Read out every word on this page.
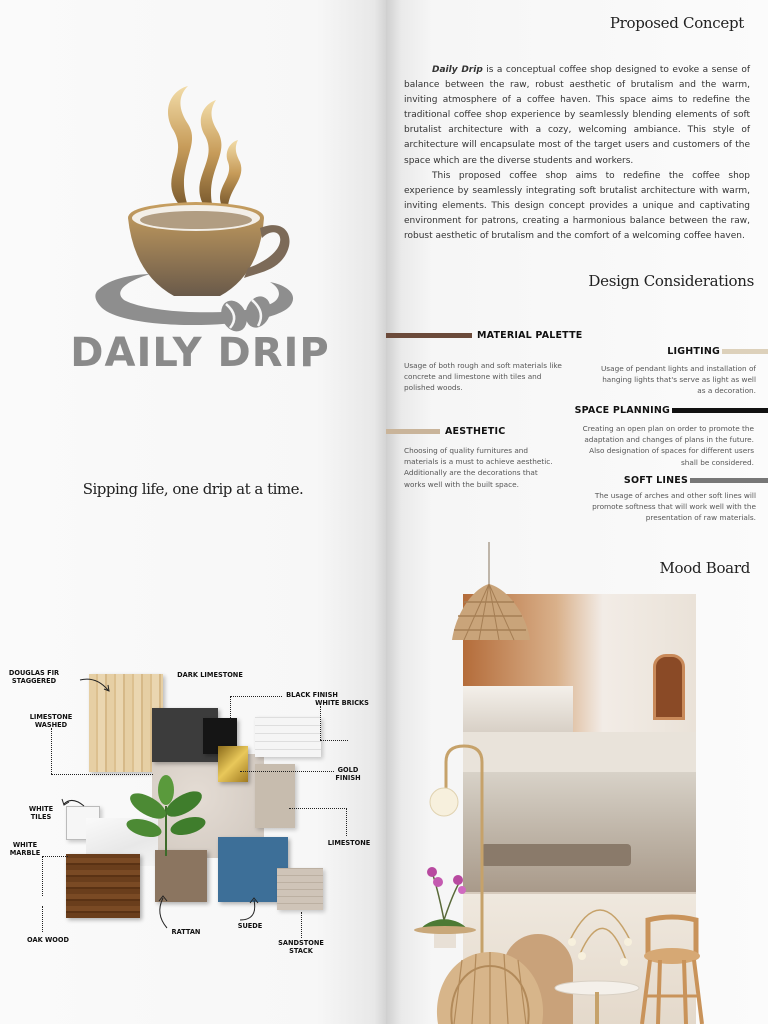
DAILY DRIP
Sipping life, one drip at a time.
DOUGLAS FIR STAGGERED
DARK LIMESTONE
BLACK FINISH
WHITE BRICKS
LIMESTONE WASHED
GOLD FINISH
WHITE TILES
WHITE MARBLE
LIMESTONE
OAK WOOD
RATTAN
SUEDE
SANDSTONE STACK
Proposed Concept

Daily Drip is a conceptual coffee shop designed to evoke a sense of balance between the raw, robust aesthetic of brutalism and the warm, inviting atmosphere of a coffee haven. This space aims to redefine the traditional coffee shop experience by seamlessly blending elements of soft brutalist architecture with a cozy, welcoming ambiance. This style of architecture will encapsulate most of the target users and customers of the space which are the diverse students and workers.

This proposed coffee shop aims to redefine the coffee shop experience by seamlessly integrating soft brutalist architecture with warm, inviting elements. This design concept provides a unique and captivating environment for patrons, creating a harmonious balance between the raw, robust aesthetic of brutalism and the comfort of a welcoming coffee haven.

Design Considerations
MATERIAL PALETTE
Usage of both rough and soft materials like concrete and limestone with tiles and polished woods.
LIGHTING
Usage of pendant lights and installation of hanging lights that's serve as light as well as a decoration.
SPACE PLANNING
Creating an open plan on order to promote the adaptation and changes of plans in the future. Also designation of spaces for different users shall be considered.
AESTHETIC
Choosing of quality furnitures and materials is a must to achieve aesthetic. Additionally are the decorations that works well with the built space.	SOFT LINES
The usage of arches and other soft lines will promote softness that will work well with the presentation of raw materials.
Mood Board
